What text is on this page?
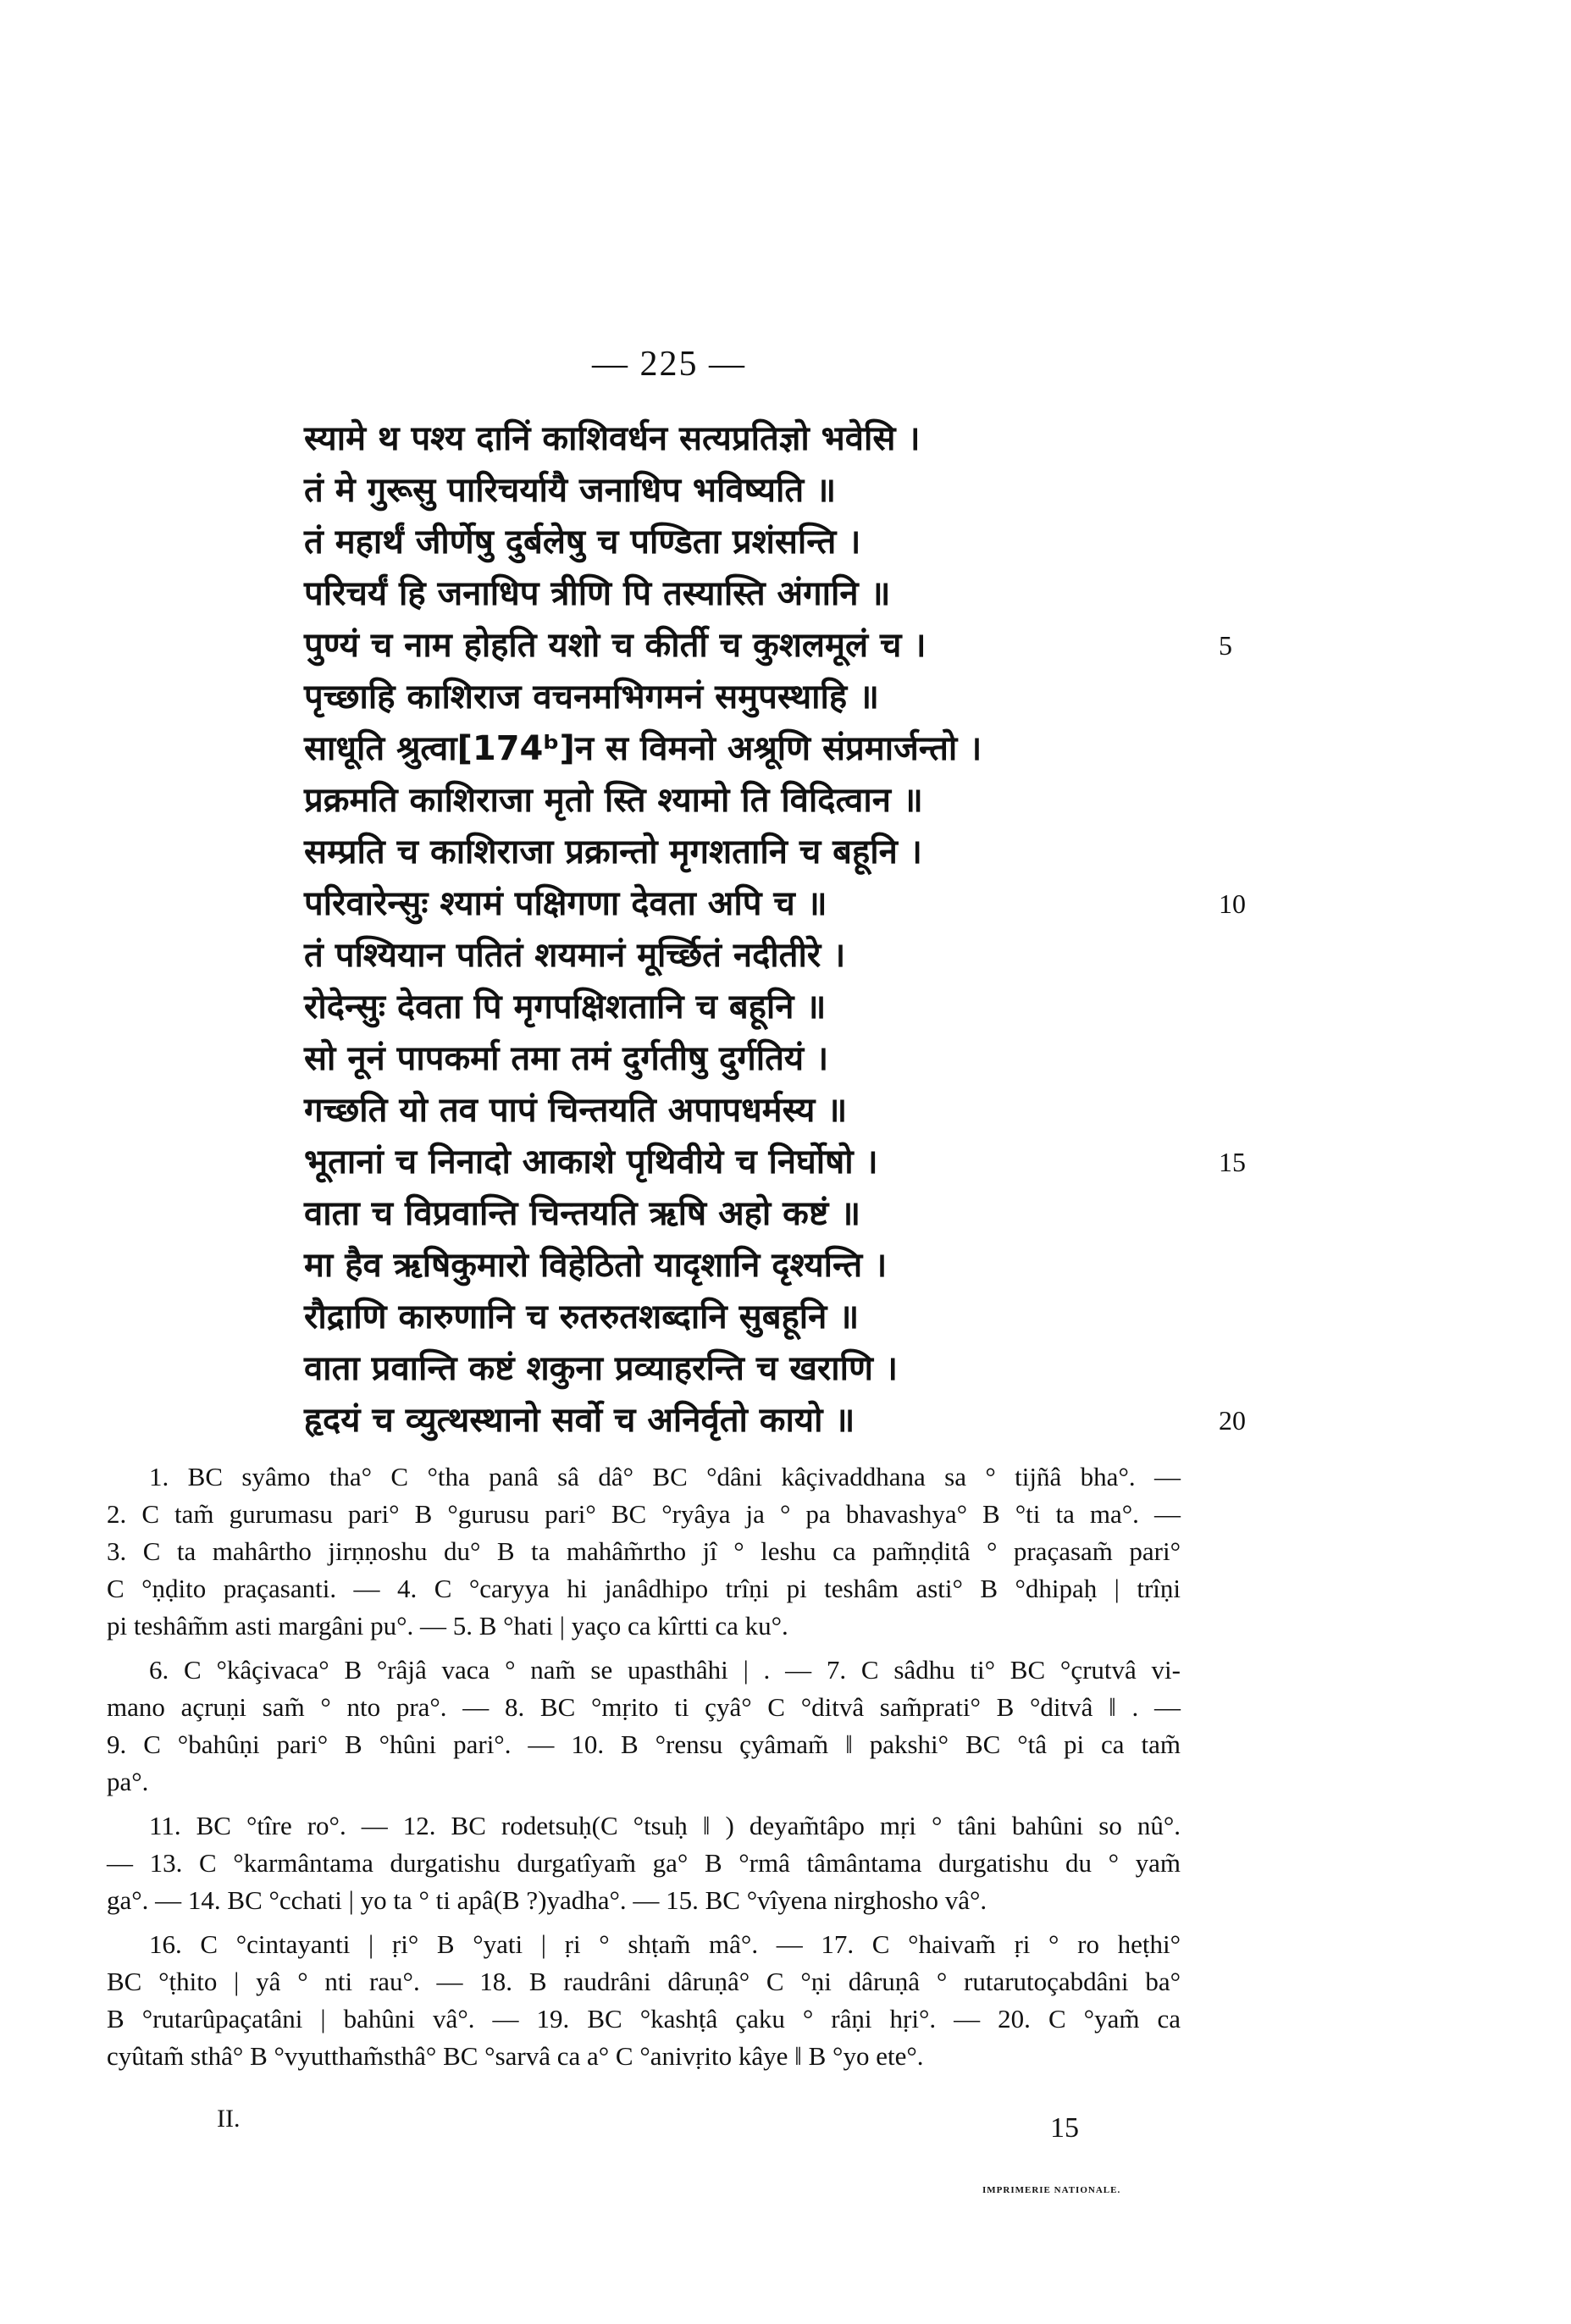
— 225 —
स्यामे थ पश्य दानिं काशिवर्धन सत्यप्रतिज्ञो भवेसि ।
तं मे गुरूसु पारिचर्यायै जनाधिप भविष्यति ॥
तं महार्थं जीर्णेषु दुर्बलेषु च पण्डिता प्रशंसन्ति ।
परिचर्यं हि जनाधिप त्रीणि पि तस्यास्ति अंगानि ॥
पुण्यं च नाम होहति यशो च कीर्ती च कुशलमूलं च ।	5
पृच्छाहि काशिराज वचनमभिगमनं समुपस्थाहि ॥
साधूति श्रुत्वा[174ᵇ]न स विमनो अश्रूणि संप्रमार्जन्तो ।
प्रक्रमति काशिराजा मृतो स्ति श्यामो ति विदित्वान ॥
सम्प्रति च काशिराजा प्रक्रान्तो मृगशतानि च बहूनि ।
परिवारेन्सुः श्यामं पक्षिगणा देवता अपि च ॥	10
तं पश्यियान पतितं शयमानं मूर्च्छितं नदीतीरे ।
रोदेन्सुः देवता पि मृगपक्षिशतानि च बहूनि ॥
सो नूनं पापकर्मा तमा तमं दुर्गतीषु दुर्गतियं ।
गच्छति यो तव पापं चिन्तयति अपापधर्मस्य ॥
भूतानां च निनादो आकाशे पृथिवीये च निर्घोषो ।	15
वाता च विप्रवान्ति चिन्तयति ऋषि अहो कष्टं ॥
मा हैव ऋषिकुमारो विहेठितो यादृशानि दृश्यन्ति ।
रौद्राणि कारुणानि च रुतरुतशब्दानि सुबहूनि ॥
वाता प्रवान्ति कष्टं शकुना प्रव्याहरन्ति च खराणि ।
हृदयं च व्युत्थस्थानो सर्वो च अनिर्वृतो कायो ॥	20
1. BC syâmo tha° C °tha panâ sâ dâ° BC °dâni kâçivaddhana sa ° tijñâ bha°. —
2. C tam̃ gurumasu pari° B °gurusu pari° BC °ryâya ja ° pa bhavashya° B °ti ta ma°. —
3. C ta mahârtho jirṇṇoshu du° B ta mahâm̃rtho jî ° leshu ca pam̃ṇḍitâ ° praçasam̃ pari°
C °ṇḍito praçasanti. — 4. C °caryya hi janâdhipo trîṇi pi teshâm asti° B °dhipaḥ | trîṇi
pi teshâm̃m asti margâni pu°. — 5. B °hati | yaço ca kîrtti ca ku°.
6. C °kâçivaca° B °râjâ vaca ° nam̃ se upasthâhi | . — 7. C sâdhu ti° BC °çrutvâ vi-
mano açruṇi sam̃ ° nto pra°. — 8. BC °mṛito ti çyâ° C °ditvâ sam̃prati° B °ditvâ ‖ . —
9. C °bahûṇi pari° B °hûni pari°. — 10. B °rensu çyâmam̃ ‖ pakshi° BC °tâ pi ca tam̃
pa°.
11. BC °tîre ro°. — 12. BC rodetsuḥ(C °tsuḥ ‖ ) deyam̃tâpo mṛi ° tâni bahûni so nû°.
— 13. C °karmântama durgatishu durgatîyam̃ ga° B °rmâ tâmântama durgatishu du ° yam̃
ga°. — 14. BC °cchati | yo ta ° ti apâ(B ?)yadha°. — 15. BC °vîyena nirghosho vâ°.
16. C °cintayanti | ṛi° B °yati | ṛi ° shṭam̃ mâ°. — 17. C °haivam̃ ṛi ° ro heṭhi°
BC °ṭhito | yâ ° nti rau°. — 18. B raudrâni dâruṇâ° C °ṇi dâruṇâ ° rutarutoçabdâni ba°
B °rutarûpaçatâni | bahûni vâ°. — 19. BC °kashṭâ çaku ° râṇi hṛi°. — 20. C °yam̃ ca
cyûtam̃ sthâ° B °vyuttham̃sthâ° BC °sarvâ ca a° C °anivṛito kâye ‖ B °yo ete°.
II.	15
IMPRIMERIE NATIONALE.
